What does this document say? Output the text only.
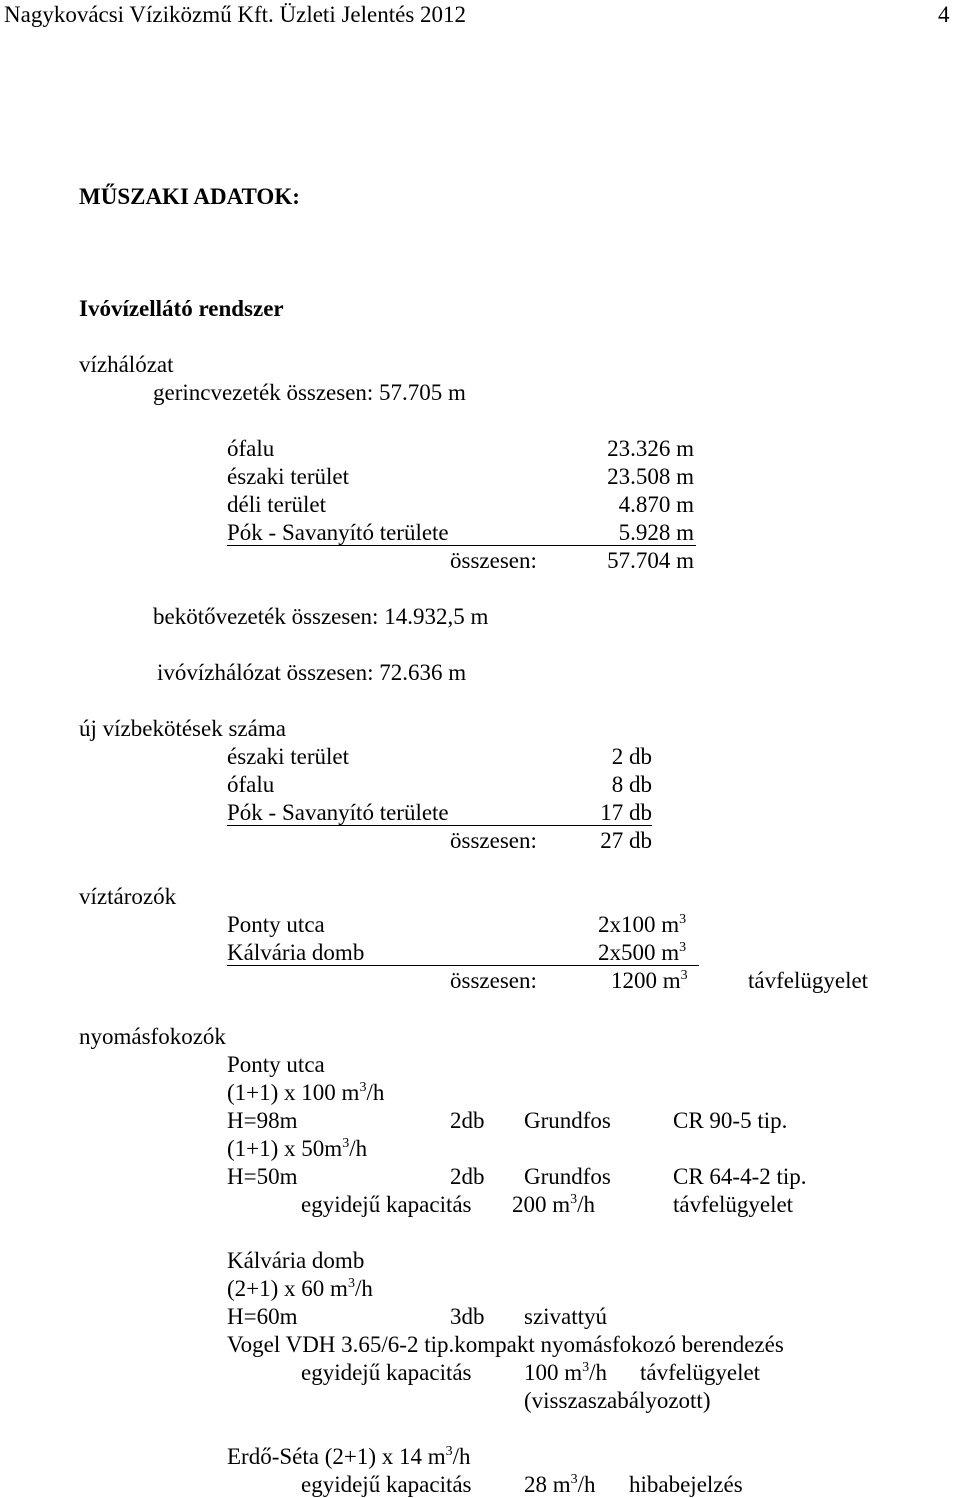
Nagykovácsi Víziközmű Kft. Üzleti Jelentés 2012	4
MŰSZAKI ADATOK:
Ivóvízellátó rendszer
vízhálózat
gerincvezeték összesen: 57.705 m
ófalu	23.326 m
északi terület	23.508 m
déli terület	4.870 m
Pók - Savanyító területe	5.928 m
összesen:	57.704 m
bekötővezeték összesen: 14.932,5 m
ivóvízhálózat összesen: 72.636 m
új vízbekötések száma
északi terület	2 db
ófalu	8 db
Pók - Savanyító területe	17 db
összesen:	27 db
víztározók
Ponty utca	2x100 $m^3$
Kálvária domb	2x500 $m^3$
összesen:	1200 $m^3$	távfelügyelet
nyomásfokozók
Ponty utca
(1+1) x 100 $m^3/h$
H=98m	2db Grundfos	CR 90-5 tip.
(1+1) x $50m^3/h$
H=50m	2db Grundfos	CR 64-4-2 tip.
egyidejű kapacitás 200 $m^3/h$	távfelügyelet
Kálvária domb
(2+1) x 60 $m^3/h$
H=60m	3db szivattyú
Vogel VDH 3.65/6-2 tip.kompakt nyomásfokozó berendezés
egyidejű kapacitás 100 $m^3/h$ távfelügyelet
(visszaszabályozott)
Erdő-Séta (2+1) x 14 $m^3/h$
egyidejű kapacitás 28 $m^3/h$ hibabejelzés
